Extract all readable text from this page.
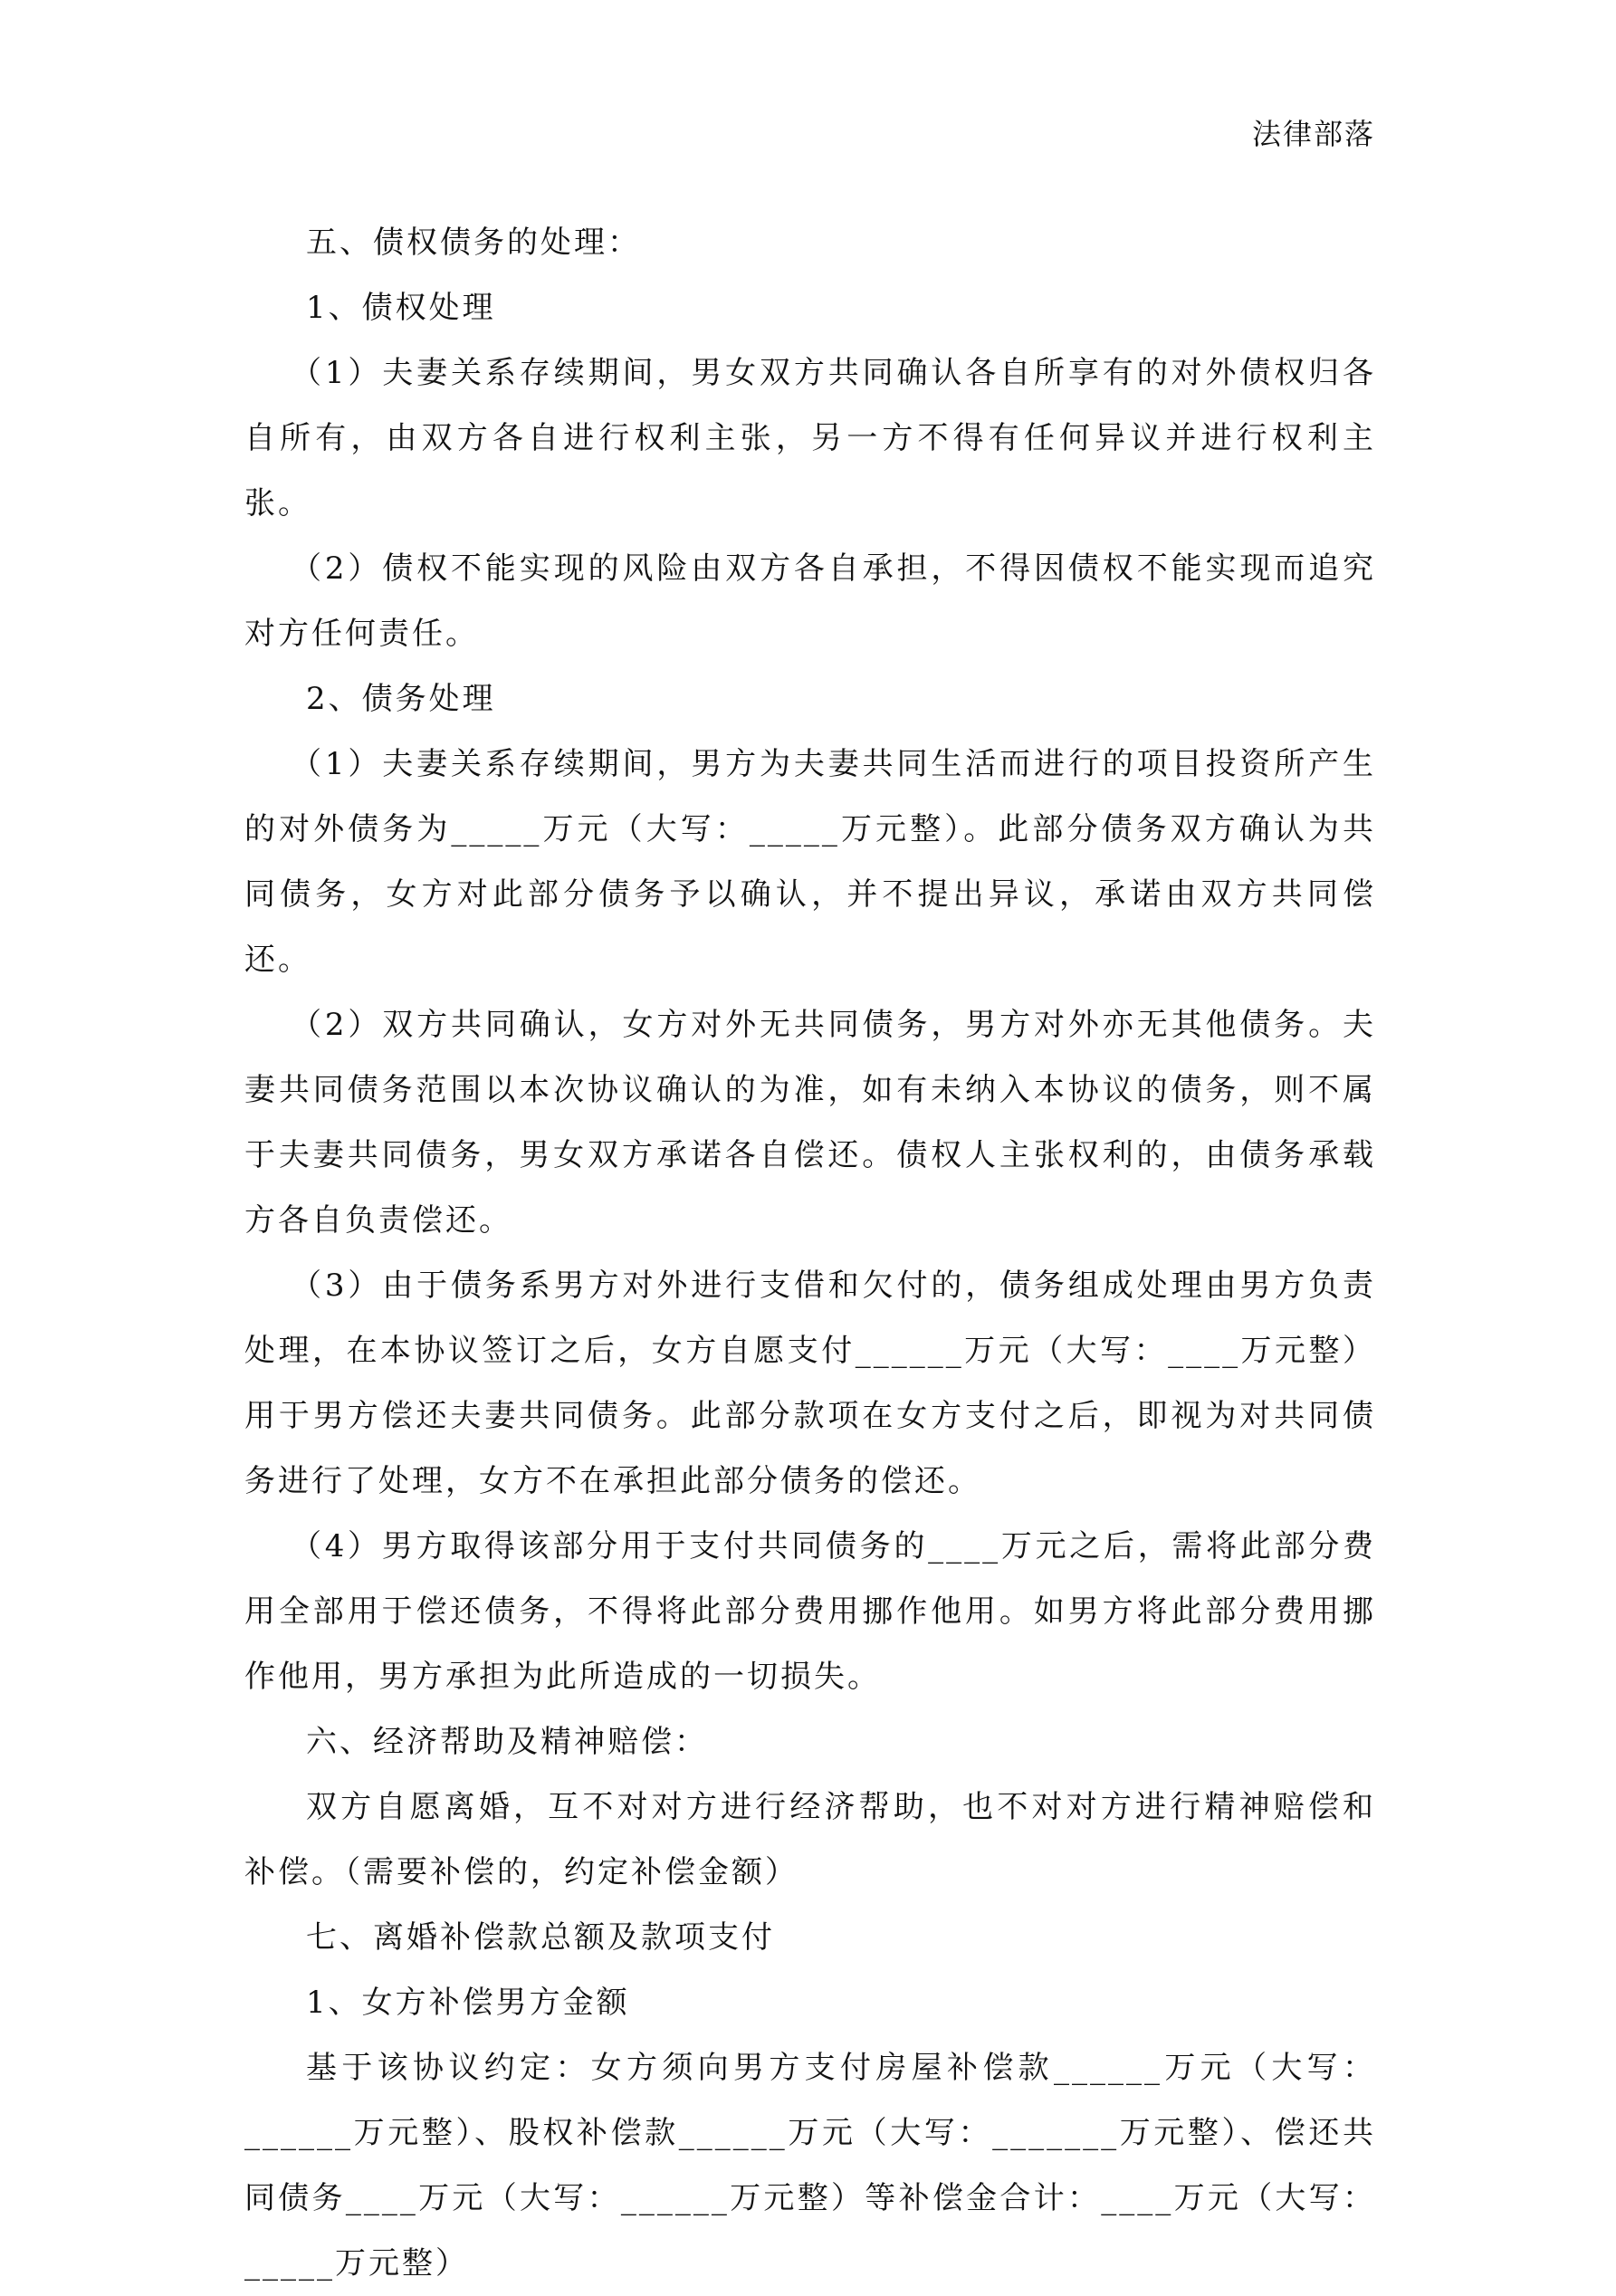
法律部落

五、债权债务的处理：

1、债权处理

（1）夫妻关系存续期间，男女双方共同确认各自所享有的对外债权归各自所有，由双方各自进行权利主张，另一方不得有任何异议并进行权利主张。

（2）债权不能实现的风险由双方各自承担，不得因债权不能实现而追究对方任何责任。

2、债务处理

（1）夫妻关系存续期间，男方为夫妻共同生活而进行的项目投资所产生的对外债务为_____万元（大写：_____万元整）。此部分债务双方确认为共同债务，女方对此部分债务予以确认，并不提出异议，承诺由双方共同偿还。

（2）双方共同确认，女方对外无共同债务，男方对外亦无其他债务。夫妻共同债务范围以本次协议确认的为准，如有未纳入本协议的债务，则不属于夫妻共同债务，男女双方承诺各自偿还。债权人主张权利的，由债务承载方各自负责偿还。

（3）由于债务系男方对外进行支借和欠付的，债务组成处理由男方负责处理，在本协议签订之后，女方自愿支付______万元（大写：____万元整）用于男方偿还夫妻共同债务。此部分款项在女方支付之后，即视为对共同债务进行了处理，女方不在承担此部分债务的偿还。

（4）男方取得该部分用于支付共同债务的____万元之后，需将此部分费用全部用于偿还债务，不得将此部分费用挪作他用。如男方将此部分费用挪作他用，男方承担为此所造成的一切损失。

六、经济帮助及精神赔偿：

双方自愿离婚，互不对对方进行经济帮助，也不对对方进行精神赔偿和补偿。（需要补偿的，约定补偿金额）

七、离婚补偿款总额及款项支付

1、女方补偿男方金额

基于该协议约定：女方须向男方支付房屋补偿款______万元（大写：______万元整）、股权补偿款______万元（大写：_______万元整）、偿还共同债务____万元（大写：______万元整）等补偿金合计：____万元（大写：_____万元整）
